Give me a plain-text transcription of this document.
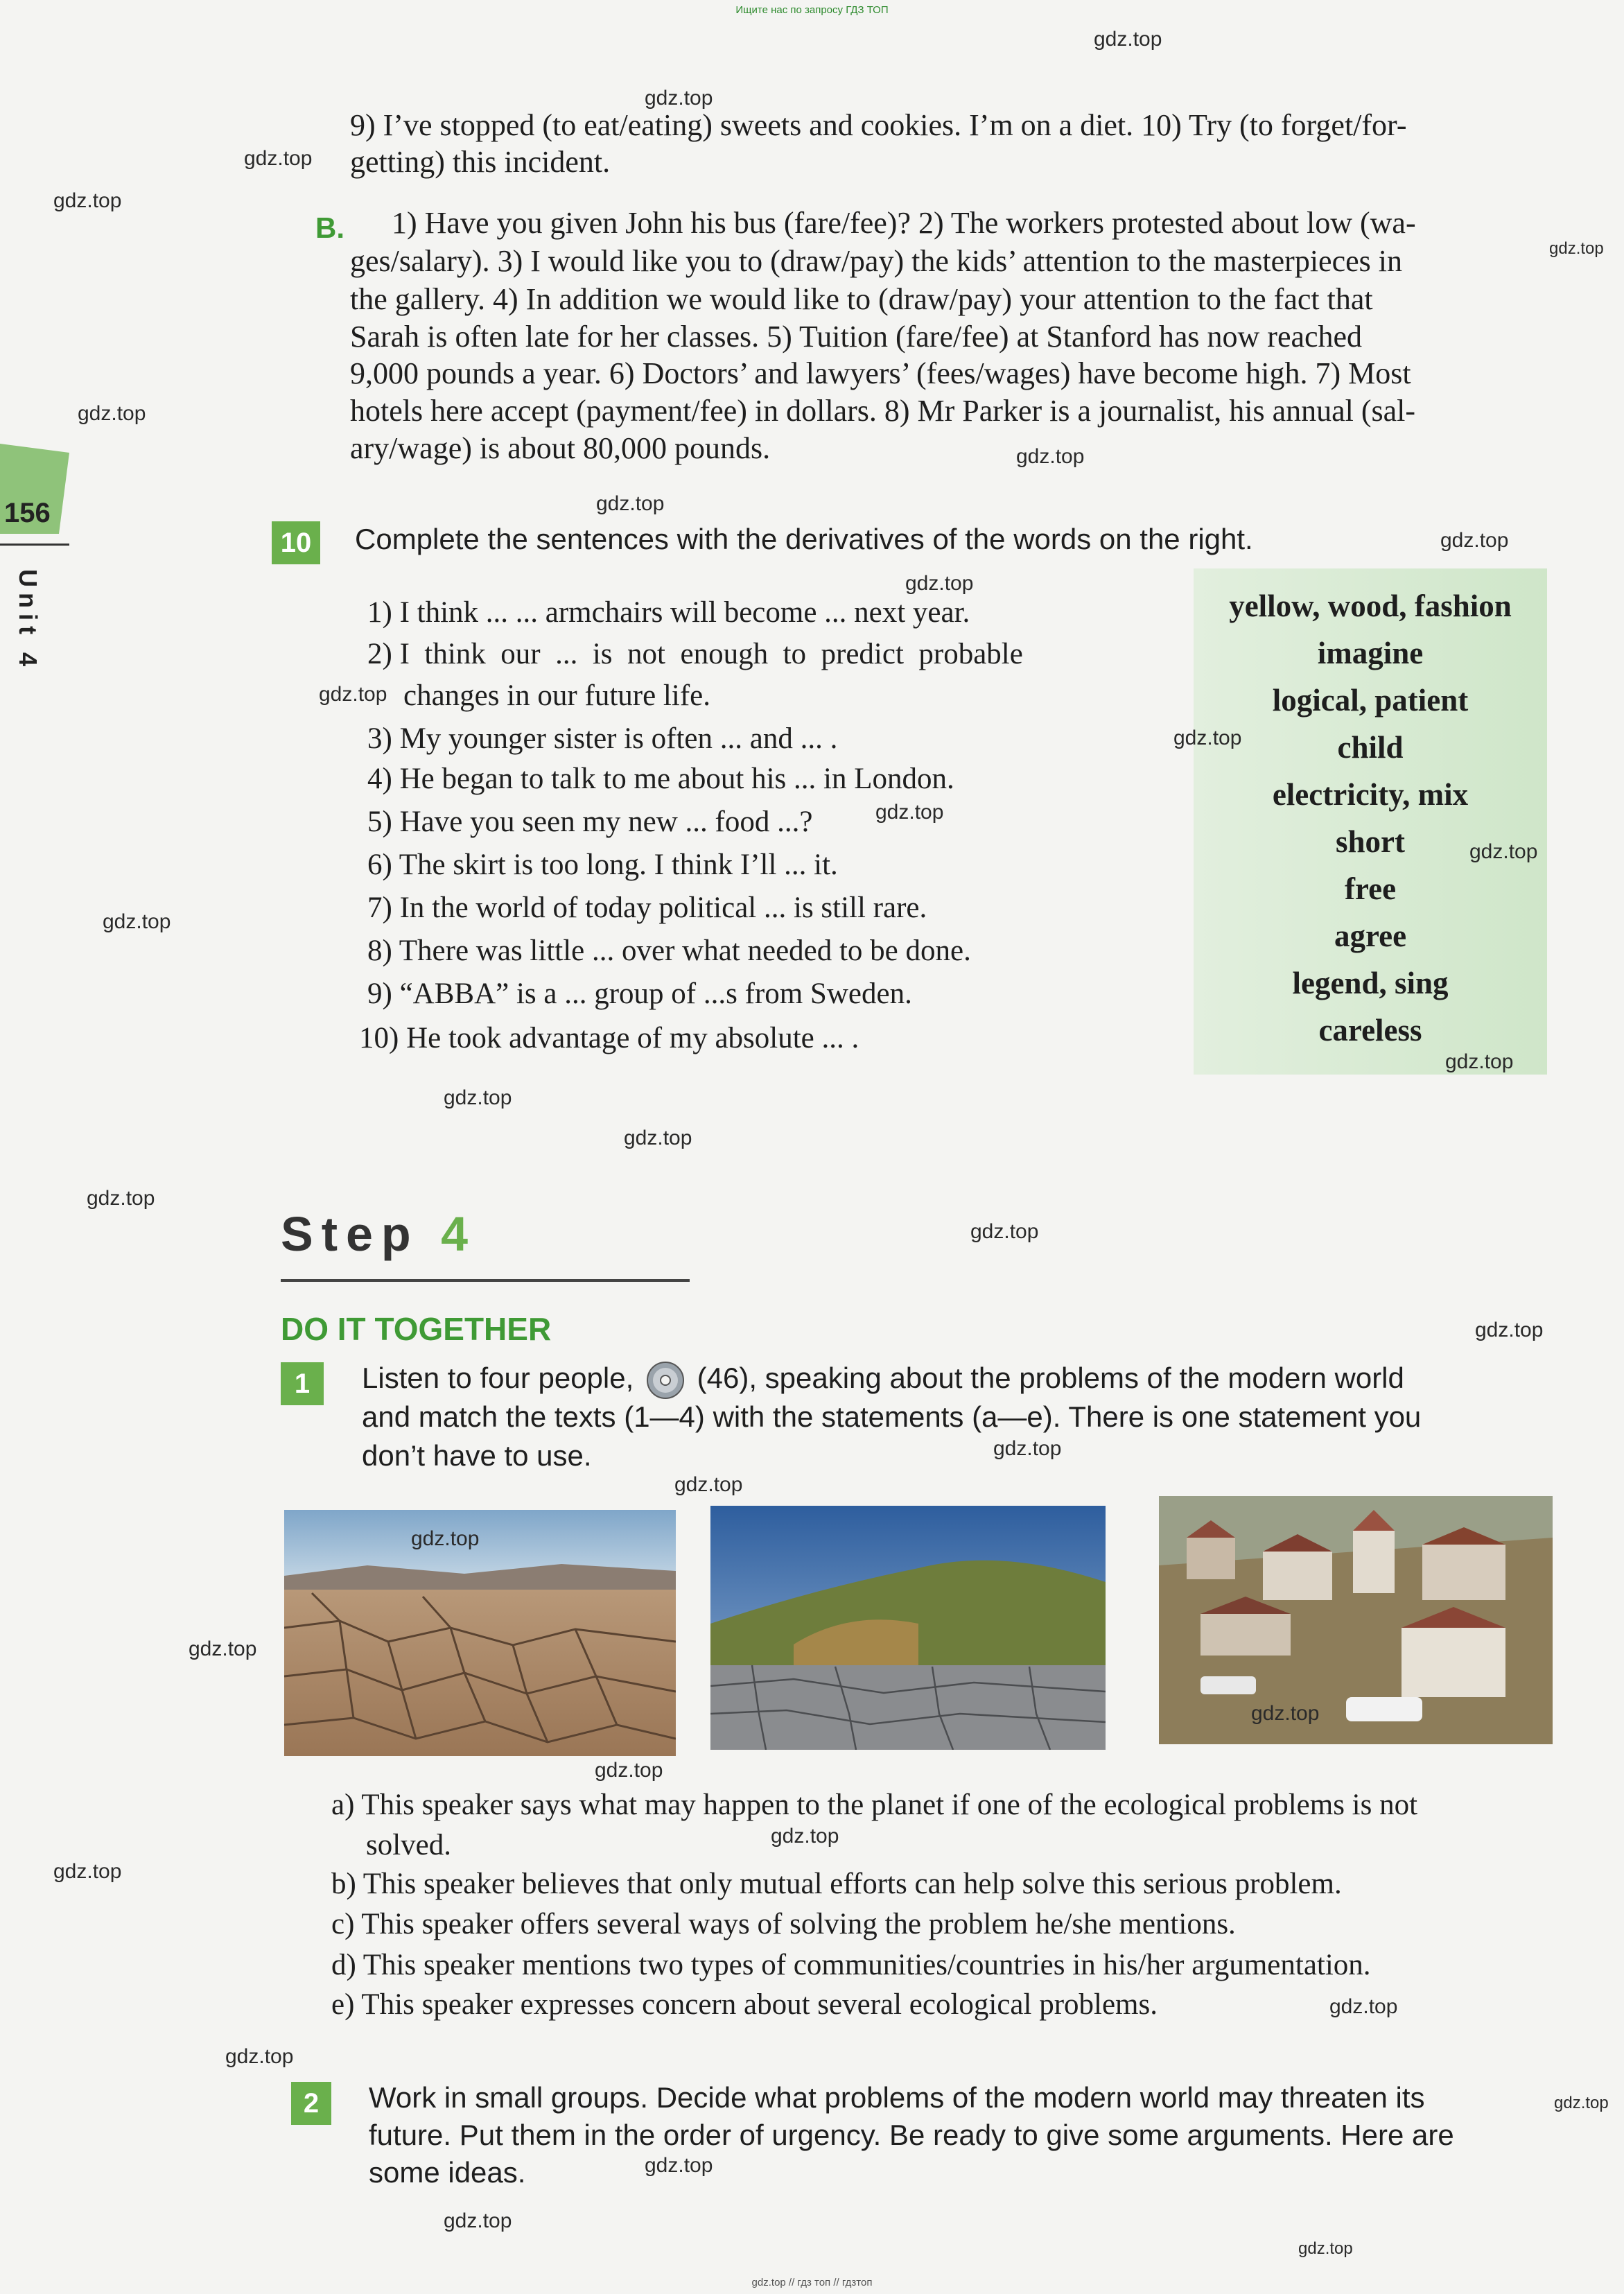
Ищите нас по запросу ГДЗ ТОП
gdz.top // гдз топ // гдзтоп
156
Unit 4
9) I’ve stopped (to eat/eating) sweets and cookies. I’m on a diet. 10) Try (to forget/for-
getting) this incident.
B. 1) Have you given John his bus (fare/fee)? 2) The workers protested about low (wa-
ges/salary). 3) I would like you to (draw/pay) the kids’ attention to the masterpieces in
the gallery. 4) In addition we would like to (draw/pay) your attention to the fact that
Sarah is often late for her classes. 5) Tuition (fare/fee) at Stanford has now reached
9,000 pounds a year. 6) Doctors’ and lawyers’ (fees/wages) have become high. 7) Most
hotels here accept (payment/fee) in dollars. 8) Mr Parker is a journalist, his annual (sal-
ary/wage) is about 80,000 pounds.
10	Complete the sentences with the derivatives of the words on the right.
yellow, wood, fashion
imagine
logical, patient
child
electricity, mix
short
free
agree
legend, sing
careless
1) I think ... ... armchairs will become ... next year.
2) I  think  our  ...  is  not  enough  to  predict  probable
changes in our future life.
3) My younger sister is often ... and ... .
4) He began to talk to me about his ... in London.
5) Have you seen my new ... food ...?
6) The skirt is too long. I think I’ll ... it.
7) In the world of today political ... is still rare.
8) There was little ... over what needed to be done.
9) “ABBA” is a ... group of ...s from Sweden.
10) He took advantage of my absolute ... .
Step 4
DO IT TOGETHER
1	Listen to four people, (46), speaking about the problems of the modern world
and match the texts (1—4) with the statements (a—e). There is one statement you
don’t have to use.
a) This speaker says what may happen to the planet if one of the ecological problems is not
solved.
b) This speaker believes that only mutual efforts can help solve this serious problem.
c) This speaker offers several ways of solving the problem he/she mentions.
d) This speaker mentions two types of communities/countries in his/her argumentation.
e) This speaker expresses concern about several ecological problems.
2	Work in small groups. Decide what problems of the modern world may threaten its
future. Put them in the order of urgency. Be ready to give some arguments. Here are
some ideas.
gdz.top
gdz.top
gdz.top
gdz.top
gdz.top
gdz.top
gdz.top
gdz.top
gdz.top
gdz.top
gdz.top
gdz.top
gdz.top
gdz.top
gdz.top
gdz.top
gdz.top
gdz.top
gdz.top
gdz.top
gdz.top
gdz.top
gdz.top
gdz.top
gdz.top
gdz.top
gdz.top
gdz.top
gdz.top
gdz.top
gdz.top
gdz.top
gdz.top
gdz.top
gdz.top
